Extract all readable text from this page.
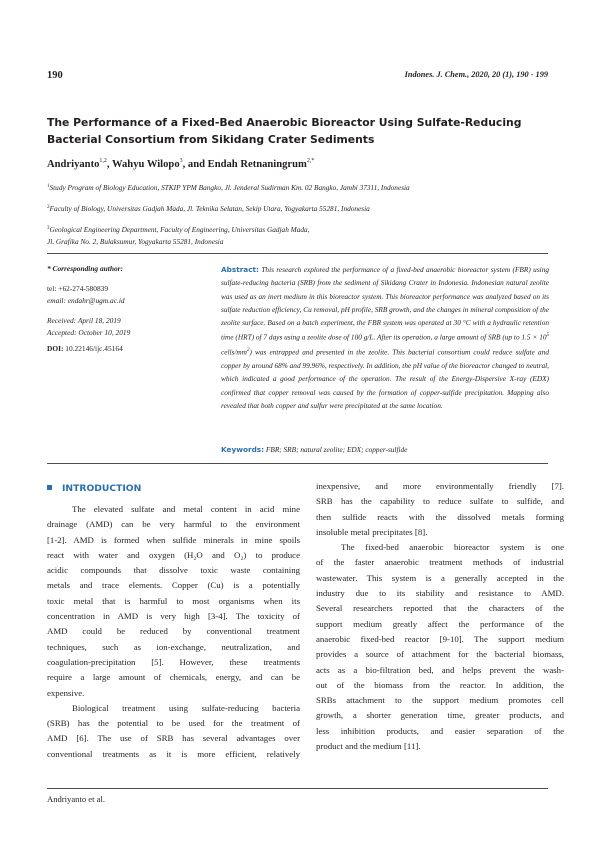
190	Indones. J. Chem., 2020, 20 (1), 190 - 199
The Performance of a Fixed-Bed Anaerobic Bioreactor Using Sulfate-Reducing
Bacterial Consortium from Sikidang Crater Sediments
Andriyanto$^{1,2}$, Wahyu Wilopo$^3$, and Endah Retnaningrum$^{2,*}$
$^1$Study Program of Biology Education, STKIP YPM Bangko, Jl. Jenderal Sudirman Km. 02 Bangko, Jambi 37311, Indonesia
$^2$Faculty of Biology, Universitas Gadjah Mada, Jl. Teknika Selatan, Sekip Utara, Yogyakarta 55281, Indonesia
$^3$Geological Engineering Department, Faculty of Engineering, Universitas Gadjah Mada,
Jl. Grafika No. 2, Bulaksumur, Yogyakarta 55281, Indonesia
* Corresponding author:
tel: +62-274-580839
email: endahr@ugm.ac.id
Received: April 18, 2019
Accepted: October 10, 2019
DOI: 10.22146/ijc.45164
Abstract: This research explored the performance of a fixed-bed anaerobic bioreactor system (FBR) using sulfate-reducing bacteria (SRB) from the sediment of Sikidang Crater in Indonesia. Indonesian natural zeolite was used as an inert medium in this bioreactor system. This bioreactor performance was analyzed based on its sulfate reduction efficiency, Cu removal, pH profile, SRB growth, and the changes in mineral composition of the zeolite surface. Based on a batch experiment, the FBR system was operated at 30 °C with a hydraulic retention time (HRT) of 7 days using a zeolite dose of 100 g/L. After its operation, a large amount of SRB (up to $1.5 \times 10^5$ cells/$mm^2$) was entrapped and presented in the zeolite. This bacterial consortium could reduce sulfate and copper by around 68% and 99.96%, respectively. In addition, the pH value of the bioreactor changed to neutral, which indicated a good performance of the operation. The result of the Energy-Dispersive X-ray (EDX) confirmed that copper removal was caused by the formation of copper-sulfide precipitation. Mapping also revealed that both copper and sulfur were precipitated at the same location.
Keywords: FBR; SRB; natural zeolite; EDX; copper-sulfide
INTRODUCTION
The elevated sulfate and metal content in acid mine
drainage (AMD) can be very harmful to the environment
[1-2]. AMD is formed when sulfide minerals in mine spoils
react with water and oxygen (H₂O and O₂) to produce
acidic compounds that dissolve toxic waste containing
metals and trace elements. Copper (Cu) is a potentially
toxic metal that is harmful to most organisms when its
concentration in AMD is very high [3-4]. The toxicity of
AMD could be reduced by conventional treatment
techniques, such as ion-exchange, neutralization, and
coagulation-precipitation [5]. However, these treatments
require a large amount of chemicals, energy, and can be
expensive.
Biological treatment using sulfate-reducing bacteria
(SRB) has the potential to be used for the treatment of
AMD [6]. The use of SRB has several advantages over
conventional treatments as it is more efficient, relatively
inexpensive, and more environmentally friendly [7].
SRB has the capability to reduce sulfate to sulfide, and
then sulfide reacts with the dissolved metals forming
insoluble metal precipitates [8].
The fixed-bed anaerobic bioreactor system is one
of the faster anaerobic treatment methods of industrial
wastewater. This system is a generally accepted in the
industry due to its stability and resistance to AMD.
Several researchers reported that the characters of the
support medium greatly affect the performance of the
anaerobic fixed-bed reactor [9-10]. The support medium
provides a source of attachment for the bacterial biomass,
acts as a bio-filtration bed, and helps prevent the wash-
out of the biomass from the reactor. In addition, the
SRBs attachment to the support medium promotes cell
growth, a shorter generation time, greater products, and
less inhibition products, and easier separation of the
product and the medium [11].
Andriyanto et al.
